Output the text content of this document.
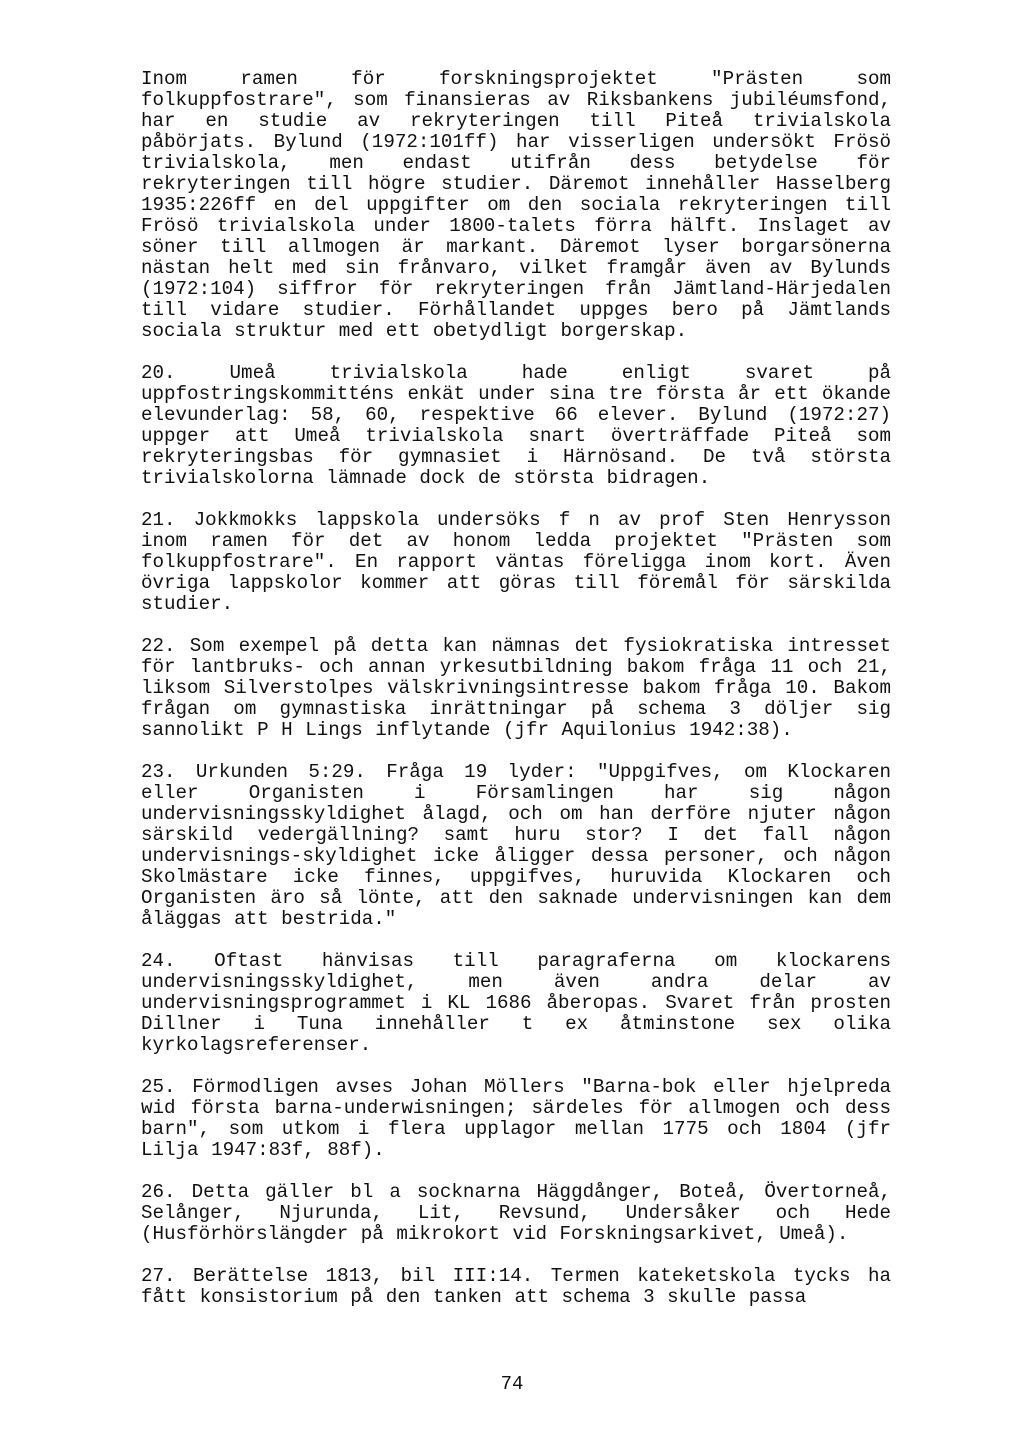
Inom ramen för forskningsprojektet "Prästen som folkuppfostrare", som finansieras av Riksbankens jubiléumsfond, har en studie av rekryteringen till Piteå trivialskola påbörjats. Bylund (1972:101ff) har visserligen undersökt Frösö trivialskola, men endast utifrån dess betydelse för rekryteringen till högre studier. Däremot innehåller Hasselberg 1935:226ff en del uppgifter om den sociala rekryteringen till Frösö trivialskola under 1800-talets förra hälft. Inslaget av söner till allmogen är markant. Däremot lyser borgarsönerna nästan helt med sin frånvaro, vilket framgår även av Bylunds (1972:104) siffror för rekryteringen från Jämtland-Härjedalen till vidare studier. Förhållandet uppges bero på Jämtlands sociala struktur med ett obetydligt borgerskap.

20. Umeå trivialskola hade enligt svaret på uppfostringskommitténs enkät under sina tre första år ett ökande elevunderlag: 58, 60, respektive 66 elever. Bylund (1972:27) uppger att Umeå trivialskola snart överträffade Piteå som rekryteringsbas för gymnasiet i Härnösand. De två största trivialskolorna lämnade dock de största bidragen.

21. Jokkmokks lappskola undersöks f n av prof Sten Henrysson inom ramen för det av honom ledda projektet "Prästen som folkuppfostrare". En rapport väntas föreligga inom kort. Även övriga lappskolor kommer att göras till föremål för särskilda studier.

22. Som exempel på detta kan nämnas det fysiokratiska intresset för lantbruks- och annan yrkesutbildning bakom fråga 11 och 21, liksom Silverstolpes välskrivningsintresse bakom fråga 10. Bakom frågan om gymnastiska inrättningar på schema 3 döljer sig sannolikt P H Lings inflytande (jfr Aquilonius 1942:38).

23. Urkunden 5:29. Fråga 19 lyder: "Uppgifves, om Klockaren eller Organisten i Församlingen har sig någon undervisningsskyldighet ålagd, och om han derföre njuter någon särskild vedergällning? samt huru stor? I det fall någon undervisnings-skyldighet icke åligger dessa personer, och någon Skolmästare icke finnes, uppgifves, huruvida Klockaren och Organisten äro så lönte, att den saknade undervisningen kan dem åläggas att bestrida."

24. Oftast hänvisas till paragraferna om klockarens undervisningsskyldighet, men även andra delar av undervisningsprogrammet i KL 1686 åberopas. Svaret från prosten Dillner i Tuna innehåller t ex åtminstone sex olika kyrkolagsreferenser.

25. Förmodligen avses Johan Möllers "Barna-bok eller hjelpreda wid första barna-underwisningen; särdeles för allmogen och dess barn", som utkom i flera upplagor mellan 1775 och 1804 (jfr Lilja 1947:83f, 88f).

26. Detta gäller bl a socknarna Häggdånger, Boteå, Övertorneå, Selånger, Njurunda, Lit, Revsund, Undersåker och Hede (Husförhörslängder på mikrokort vid Forskningsarkivet, Umeå).

27. Berättelse 1813, bil III:14. Termen kateketskola tycks ha fått konsistorium på den tanken att schema 3 skulle passa

74
